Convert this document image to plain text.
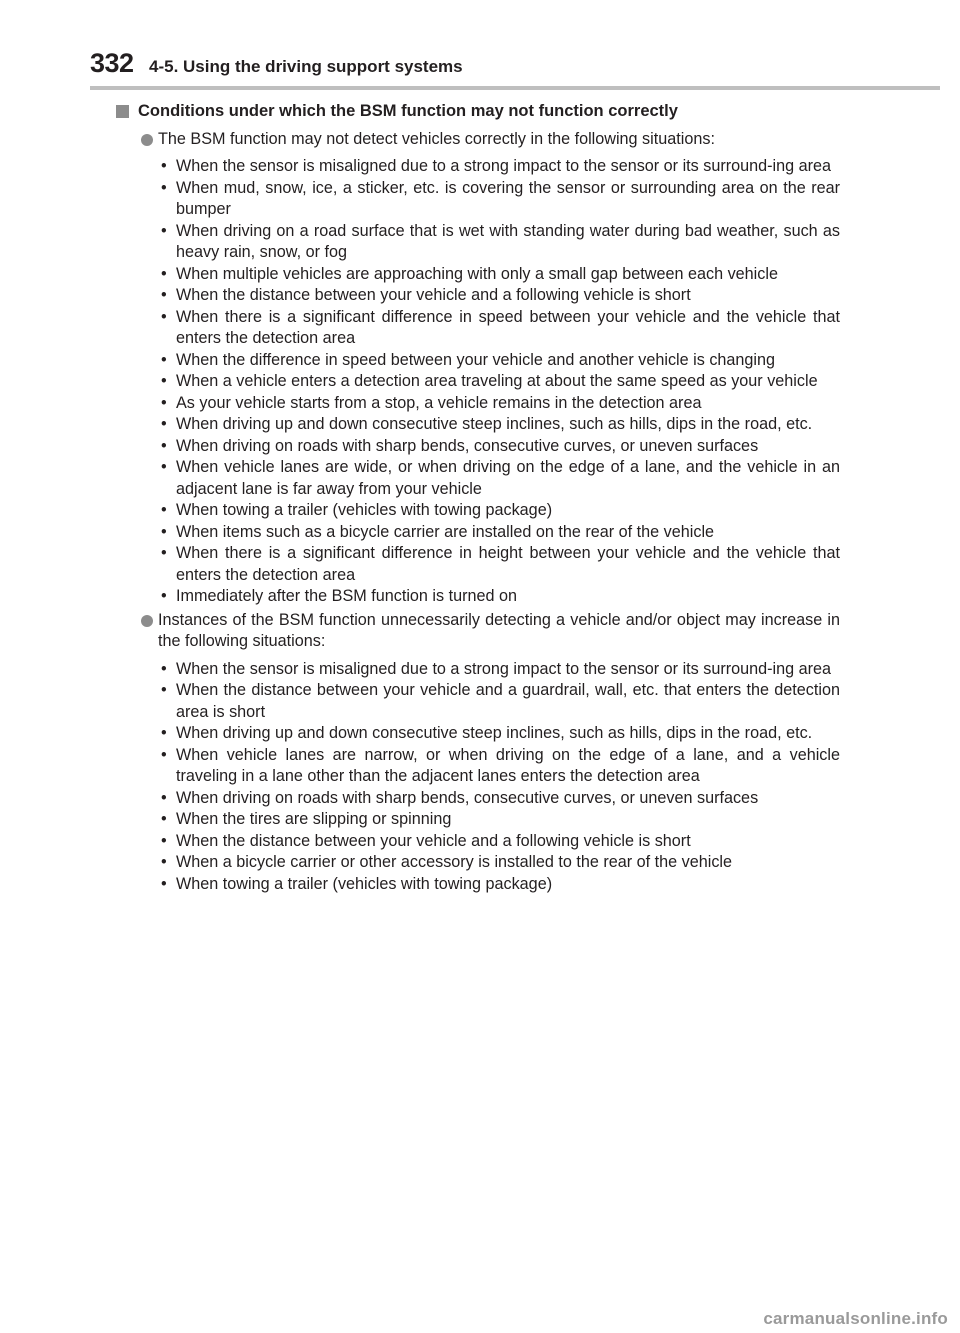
332 4-5. Using the driving support systems
Conditions under which the BSM function may not function correctly
The BSM function may not detect vehicles correctly in the following situations:
• When the sensor is misaligned due to a strong impact to the sensor or its surround-ing area
• When mud, snow, ice, a sticker, etc. is covering the sensor or surrounding area on the rear bumper
• When driving on a road surface that is wet with standing water during bad weather, such as heavy rain, snow, or fog
• When multiple vehicles are approaching with only a small gap between each vehicle
• When the distance between your vehicle and a following vehicle is short
• When there is a significant difference in speed between your vehicle and the vehicle that enters the detection area
• When the difference in speed between your vehicle and another vehicle is changing
• When a vehicle enters a detection area traveling at about the same speed as your vehicle
• As your vehicle starts from a stop, a vehicle remains in the detection area
• When driving up and down consecutive steep inclines, such as hills, dips in the road, etc.
• When driving on roads with sharp bends, consecutive curves, or uneven surfaces
• When vehicle lanes are wide, or when driving on the edge of a lane, and the vehicle in an adjacent lane is far away from your vehicle
• When towing a trailer (vehicles with towing package)
• When items such as a bicycle carrier are installed on the rear of the vehicle
• When there is a significant difference in height between your vehicle and the vehicle that enters the detection area
• Immediately after the BSM function is turned on
Instances of the BSM function unnecessarily detecting a vehicle and/or object may increase in the following situations:
• When the sensor is misaligned due to a strong impact to the sensor or its surround-ing area
• When the distance between your vehicle and a guardrail, wall, etc. that enters the detection area is short
• When driving up and down consecutive steep inclines, such as hills, dips in the road, etc.
• When vehicle lanes are narrow, or when driving on the edge of a lane, and a vehicle traveling in a lane other than the adjacent lanes enters the detection area
• When driving on roads with sharp bends, consecutive curves, or uneven surfaces
• When the tires are slipping or spinning
• When the distance between your vehicle and a following vehicle is short
• When a bicycle carrier or other accessory is installed to the rear of the vehicle
• When towing a trailer (vehicles with towing package)
carmanualsonline.info
